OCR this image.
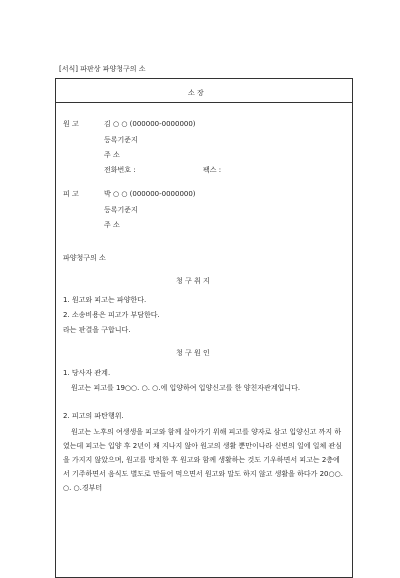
[서식] 파판상 파양청구의 소
소 장
원 고	김 ○ ○ (000000-0000000)
등록기준지
주 소
전화번호 :	팩스 :
피 고	박 ○ ○ (000000-0000000)
등록기준지
주 소
파양청구의 소
청 구 취 지
1. 원고와 피고는 파양한다.
2. 소송비용은 피고가 부담한다.
라는 판결을 구합니다.
청 구 원 인
1. 당사자 관계.
원고는 피고를 19○○. ○. ○.에 입양하여 입양신고를 한 양친자관계입니다.
2. 피고의 파탄행위.
원고는 노후의 여생생을 피고와 함께 살아가기 위해 피고를 양자로 삼고 입양신고 까지 하였는데 피고는 입양 후 2년이 채 지나지 않아 원고의 생활 뿐만이나라 신변의 일에 일체 관심을 가지지 않았으며, 원고를 방치한 후 원고와 함께 생활하는 것도 기우하면서 피고는 2층에서 기주하면서 음식도 별도로 만들어 먹으면서 원고와 말도 하지 않고 생활을 하다가 20○○. ○. ○.경부터
